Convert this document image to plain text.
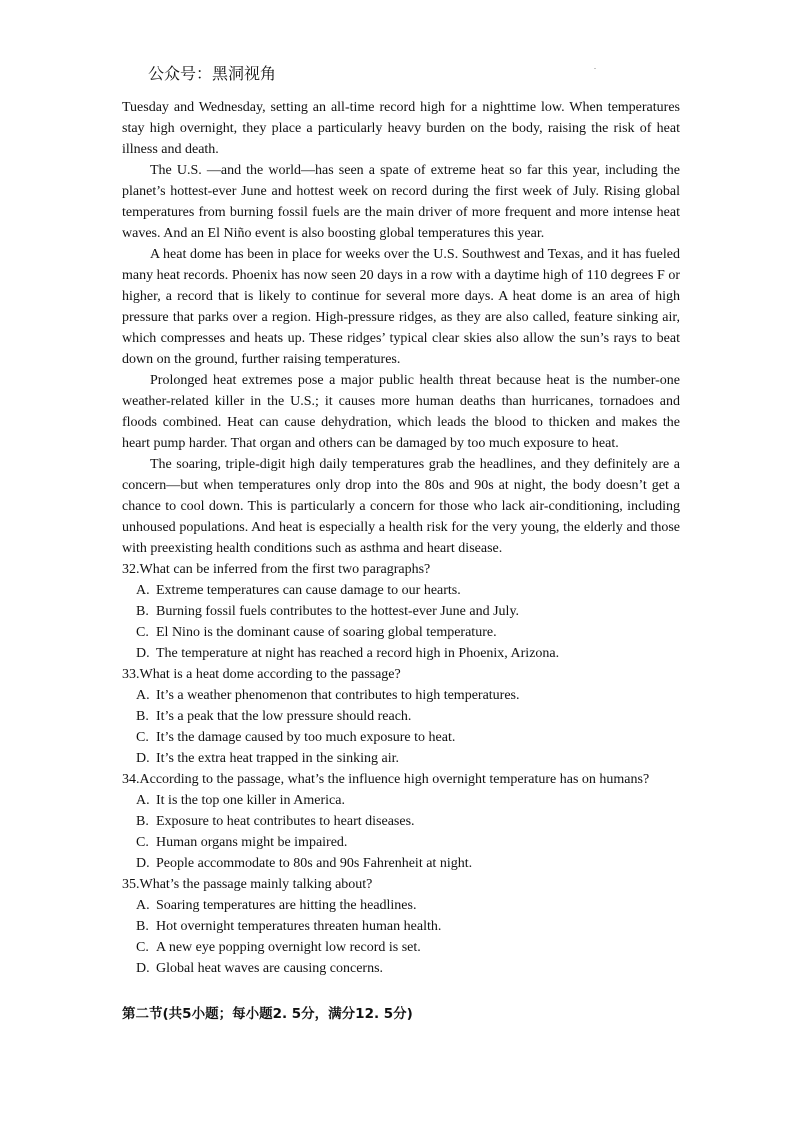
公众号：黑洞视角	.

Tuesday and Wednesday, setting an all-time record high for a nighttime low. When temperatures stay high overnight, they place a particularly heavy burden on the body, raising the risk of heat illness and death.

The U.S. —and the world—has seen a spate of extreme heat so far this year, including the planet’s hottest-ever June and hottest week on record during the first week of July. Rising global temperatures from burning fossil fuels are the main driver of more frequent and more intense heat waves. And an El Niño event is also boosting global temperatures this year.

A heat dome has been in place for weeks over the U.S. Southwest and Texas, and it has fueled many heat records. Phoenix has now seen 20 days in a row with a daytime high of 110 degrees F or higher, a record that is likely to continue for several more days. A heat dome is an area of high pressure that parks over a region. High-pressure ridges, as they are also called, feature sinking air, which compresses and heats up. These ridges’ typical clear skies also allow the sun’s rays to beat down on the ground, further raising temperatures.

Prolonged heat extremes pose a major public health threat because heat is the number-one weather-related killer in the U.S.; it causes more human deaths than hurricanes, tornadoes and floods combined. Heat can cause dehydration, which leads the blood to thicken and makes the heart pump harder. That organ and others can be damaged by too much exposure to heat.

The soaring, triple-digit high daily temperatures grab the headlines, and they definitely are a concern—but when temperatures only drop into the 80s and 90s at night, the body doesn’t get a chance to cool down. This is particularly a concern for those who lack air-conditioning, including unhoused populations. And heat is especially a health risk for the very young, the elderly and those with preexisting health conditions such as asthma and heart disease.

32.What can be inferred from the first two paragraphs?

A. Extreme temperatures can cause damage to our hearts.
B. Burning fossil fuels contributes to the hottest-ever June and July.
C. El Nino is the dominant cause of soaring global temperature.
D. The temperature at night has reached a record high in Phoenix, Arizona.

33.What is a heat dome according to the passage?

A. It’s a weather phenomenon that contributes to high temperatures.
B. It’s a peak that the low pressure should reach.
C. It’s the damage caused by too much exposure to heat.
D. It’s the extra heat trapped in the sinking air.

34.According to the passage, what’s the influence high overnight temperature has on humans?

A. It is the top one killer in America.
B. Exposure to heat contributes to heart diseases.
C. Human organs might be impaired.
D. People accommodate to 80s and 90s Fahrenheit at night.

35.What’s the passage mainly talking about?

A. Soaring temperatures are hitting the headlines.
B. Hot overnight temperatures threaten human health.
C. A new eye popping overnight low record is set.
D. Global heat waves are causing concerns.
第二节(共5小题；每小题2. 5分，满分12. 5分)
